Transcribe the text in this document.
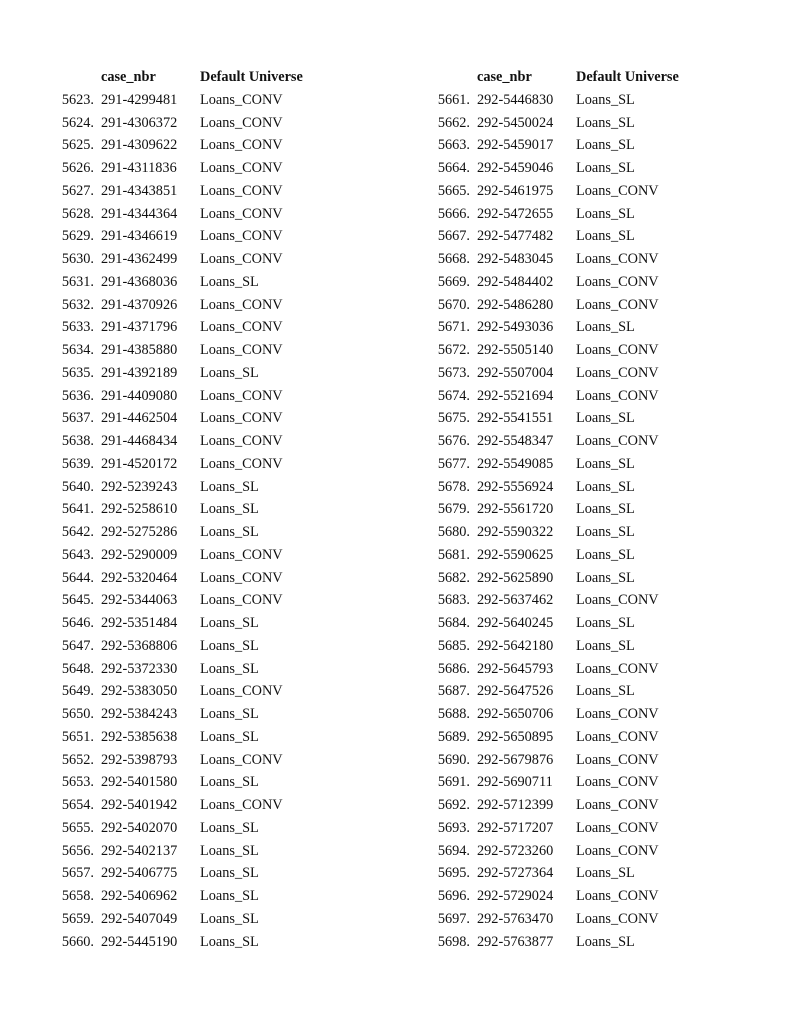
case_nbr	Default Universe
5623. 291-4299481 Loans_CONV
5624. 291-4306372 Loans_CONV
5625. 291-4309622 Loans_CONV
5626. 291-4311836 Loans_CONV
5627. 291-4343851 Loans_CONV
5628. 291-4344364 Loans_CONV
5629. 291-4346619 Loans_CONV
5630. 291-4362499 Loans_CONV
5631. 291-4368036 Loans_SL
5632. 291-4370926 Loans_CONV
5633. 291-4371796 Loans_CONV
5634. 291-4385880 Loans_CONV
5635. 291-4392189 Loans_SL
5636. 291-4409080 Loans_CONV
5637. 291-4462504 Loans_CONV
5638. 291-4468434 Loans_CONV
5639. 291-4520172 Loans_CONV
5640. 292-5239243 Loans_SL
5641. 292-5258610 Loans_SL
5642. 292-5275286 Loans_SL
5643. 292-5290009 Loans_CONV
5644. 292-5320464 Loans_CONV
5645. 292-5344063 Loans_CONV
5646. 292-5351484 Loans_SL
5647. 292-5368806 Loans_SL
5648. 292-5372330 Loans_SL
5649. 292-5383050 Loans_CONV
5650. 292-5384243 Loans_SL
5651. 292-5385638 Loans_SL
5652. 292-5398793 Loans_CONV
5653. 292-5401580 Loans_SL
5654. 292-5401942 Loans_CONV
5655. 292-5402070 Loans_SL
5656. 292-5402137 Loans_SL
5657. 292-5406775 Loans_SL
5658. 292-5406962 Loans_SL
5659. 292-5407049 Loans_SL
5660. 292-5445190 Loans_SL
case_nbr	Default Universe
5661. 292-5446830 Loans_SL
5662. 292-5450024 Loans_SL
5663. 292-5459017 Loans_SL
5664. 292-5459046 Loans_SL
5665. 292-5461975 Loans_CONV
5666. 292-5472655 Loans_SL
5667. 292-5477482 Loans_SL
5668. 292-5483045 Loans_CONV
5669. 292-5484402 Loans_CONV
5670. 292-5486280 Loans_CONV
5671. 292-5493036 Loans_SL
5672. 292-5505140 Loans_CONV
5673. 292-5507004 Loans_CONV
5674. 292-5521694 Loans_CONV
5675. 292-5541551 Loans_SL
5676. 292-5548347 Loans_CONV
5677. 292-5549085 Loans_SL
5678. 292-5556924 Loans_SL
5679. 292-5561720 Loans_SL
5680. 292-5590322 Loans_SL
5681. 292-5590625 Loans_SL
5682. 292-5625890 Loans_SL
5683. 292-5637462 Loans_CONV
5684. 292-5640245 Loans_SL
5685. 292-5642180 Loans_SL
5686. 292-5645793 Loans_CONV
5687. 292-5647526 Loans_SL
5688. 292-5650706 Loans_CONV
5689. 292-5650895 Loans_CONV
5690. 292-5679876 Loans_CONV
5691. 292-5690711 Loans_CONV
5692. 292-5712399 Loans_CONV
5693. 292-5717207 Loans_CONV
5694. 292-5723260 Loans_CONV
5695. 292-5727364 Loans_SL
5696. 292-5729024 Loans_CONV
5697. 292-5763470 Loans_CONV
5698. 292-5763877 Loans_SL
